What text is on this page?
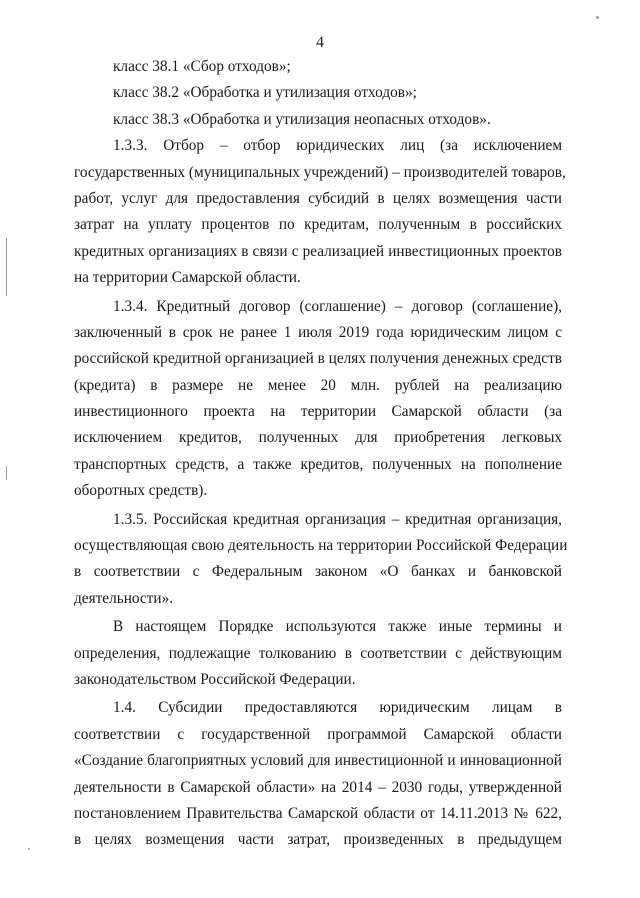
4
класс 38.1 «Сбор отходов»;
класс 38.2 «Обработка и утилизация отходов»;
класс 38.3 «Обработка и утилизация неопасных отходов».
1.3.3. Отбор – отбор юридических лиц (за исключением
государственных (муниципальных учреждений) – производителей товаров,
работ, услуг для предоставления субсидий в целях возмещения части
затрат на уплату процентов по кредитам, полученным в российских
кредитных организациях в связи с реализацией инвестиционных проектов
на территории Самарской области.
1.3.4. Кредитный договор (соглашение) – договор (соглашение),
заключенный в срок не ранее 1 июля 2019 года юридическим лицом с
российской кредитной организацией в целях получения денежных средств
(кредита) в размере не менее 20 млн. рублей на реализацию
инвестиционного проекта на территории Самарской области (за
исключением кредитов, полученных для приобретения легковых
транспортных средств, а также кредитов, полученных на пополнение
оборотных средств).
1.3.5. Российская кредитная организация – кредитная организация,
осуществляющая свою деятельность на территории Российской Федерации
в соответствии с Федеральным законом «О банках и банковской
деятельности».
В настоящем Порядке используются также иные термины и
определения, подлежащие толкованию в соответствии с действующим
законодательством Российской Федерации.
1.4. Субсидии предоставляются юридическим лицам в
соответствии с государственной программой Самарской области
«Создание благоприятных условий для инвестиционной и инновационной
деятельности в Самарской области» на 2014 – 2030 годы, утвержденной
постановлением Правительства Самарской области от 14.11.2013 № 622,
в целях возмещения части затрат, произведенных в предыдущем
